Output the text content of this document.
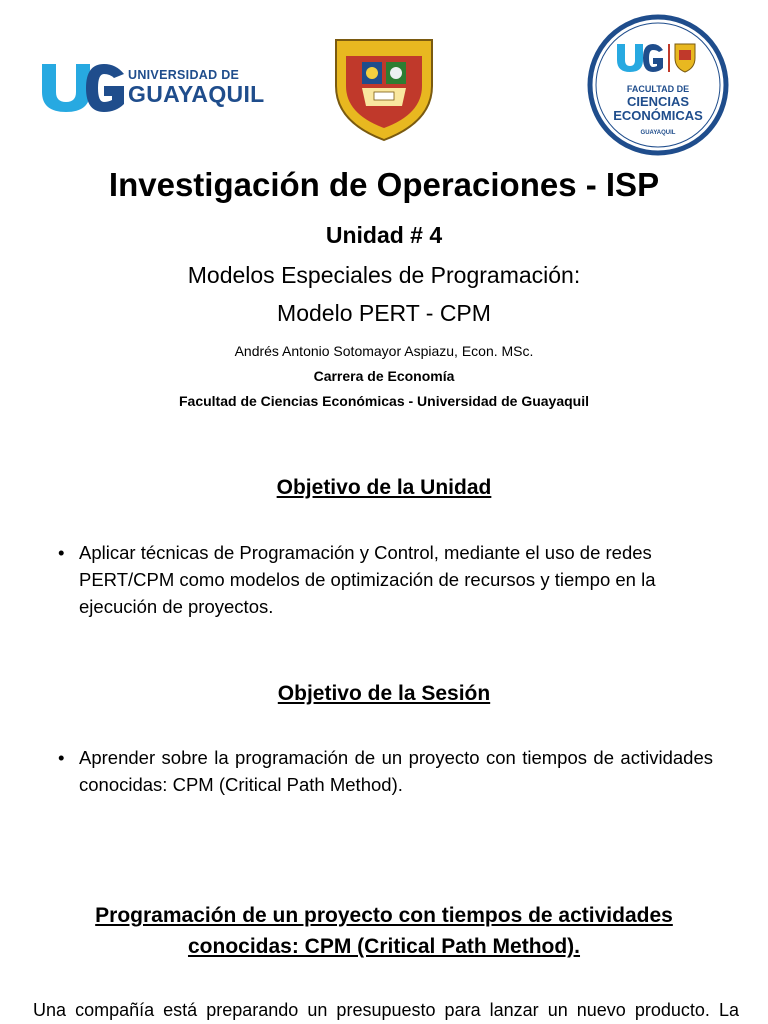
UNIVERSIDAD DE
GUAYAQUIL	FACULTAD DE
CIENCIAS
ECONÓMICAS
GUAYAQUIL
Investigación de Operaciones - ISP
Unidad # 4
Modelos Especiales de Programación:
Modelo PERT - CPM
Andrés Antonio Sotomayor Aspiazu, Econ. MSc.
Carrera de Economía
Facultad de Ciencias Económicas - Universidad de Guayaquil
Objetivo de la Unidad
• Aplicar técnicas de Programación y Control, mediante el uso de redes PERT/CPM como modelos de optimización de recursos y tiempo en la ejecución de proyectos.
Objetivo de la Sesión
• Aprender sobre la programación de un proyecto con tiempos de actividades conocidas: CPM (Critical Path Method).
Programación de un proyecto con tiempos de actividades conocidas: CPM (Critical Path Method).
Una compañía está preparando un presupuesto para lanzar un nuevo producto. La
